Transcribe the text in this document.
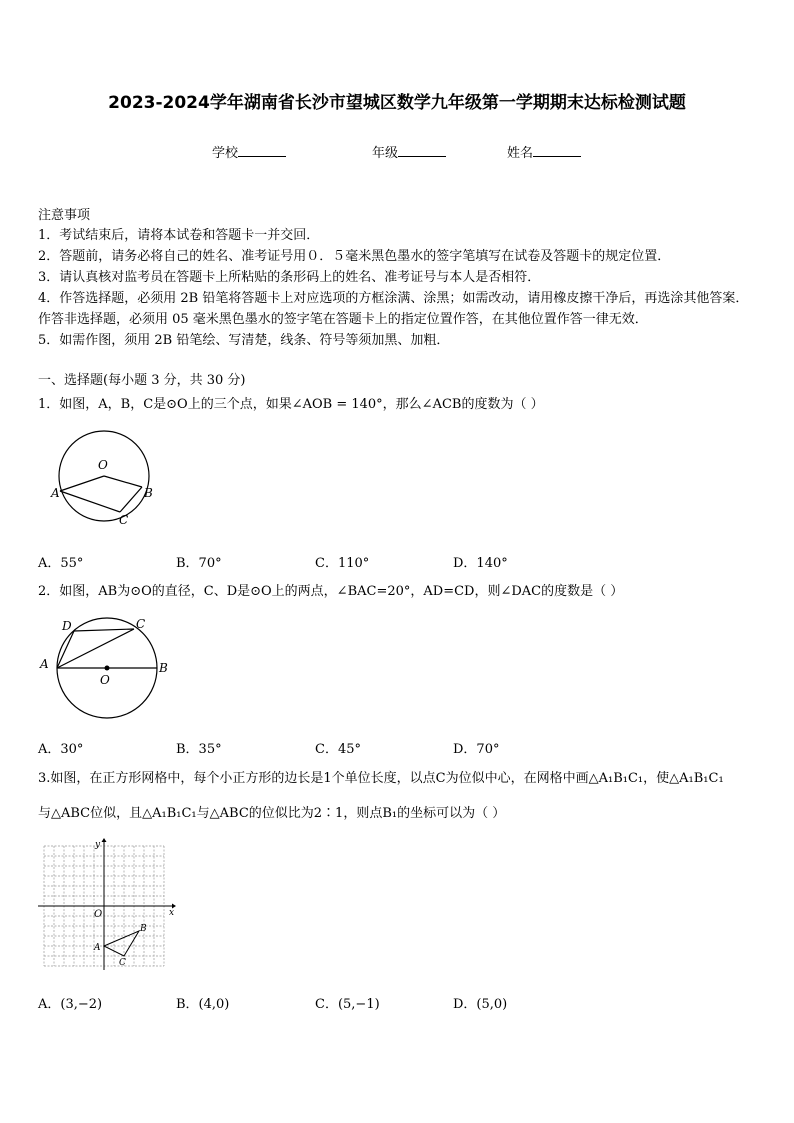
2023-2024学年湖南省长沙市望城区数学九年级第一学期期末达标检测试题
学校	年级	姓名
注意事项
1．考试结束后，请将本试卷和答题卡一并交回．
2．答题前，请务必将自己的姓名、准考证号用０．５毫米黑色墨水的签字笔填写在试卷及答题卡的规定位置．
3．请认真核对监考员在答题卡上所粘贴的条形码上的姓名、准考证号与本人是否相符．
4．作答选择题，必须用 2B 铅笔将答题卡上对应选项的方框涂满、涂黑；如需改动，请用橡皮擦干净后，再选涂其他答案．作答非选择题，必须用 05 毫米黑色墨水的签字笔在答题卡上的指定位置作答，在其他位置作答一律无效．
5．如需作图，须用 2B 铅笔绘、写清楚，线条、符号等须加黑、加粗．
一、选择题(每小题 3 分，共 30 分)
1．如图，A，B，C是⊙O上的三个点，如果∠AOB = 140°，那么∠ACB的度数为（ ）
O
A	B
C
A．55°	B．70°	C．110°	D．140°
2．如图，AB为⊙O的直径，C、D是⊙O上的两点，∠BAC=20°，AD=CD，则∠DAC的度数是（ ）
D	C
A	B
O
A．30°	B．35°	C．45°	D．70°
3.如图，在正方形网格中，每个小正方形的边长是1个单位长度，以点C为位似中心，在网格中画△A₁B₁C₁，使△A₁B₁C₁
与△ABC位似，且△A₁B₁C₁与△ABC的位似比为2∶1，则点B₁的坐标可以为（ ）
y
x
O
A
B
C
A．(3,−2)	B．(4,0)	C．(5,−1)	D．(5,0)
